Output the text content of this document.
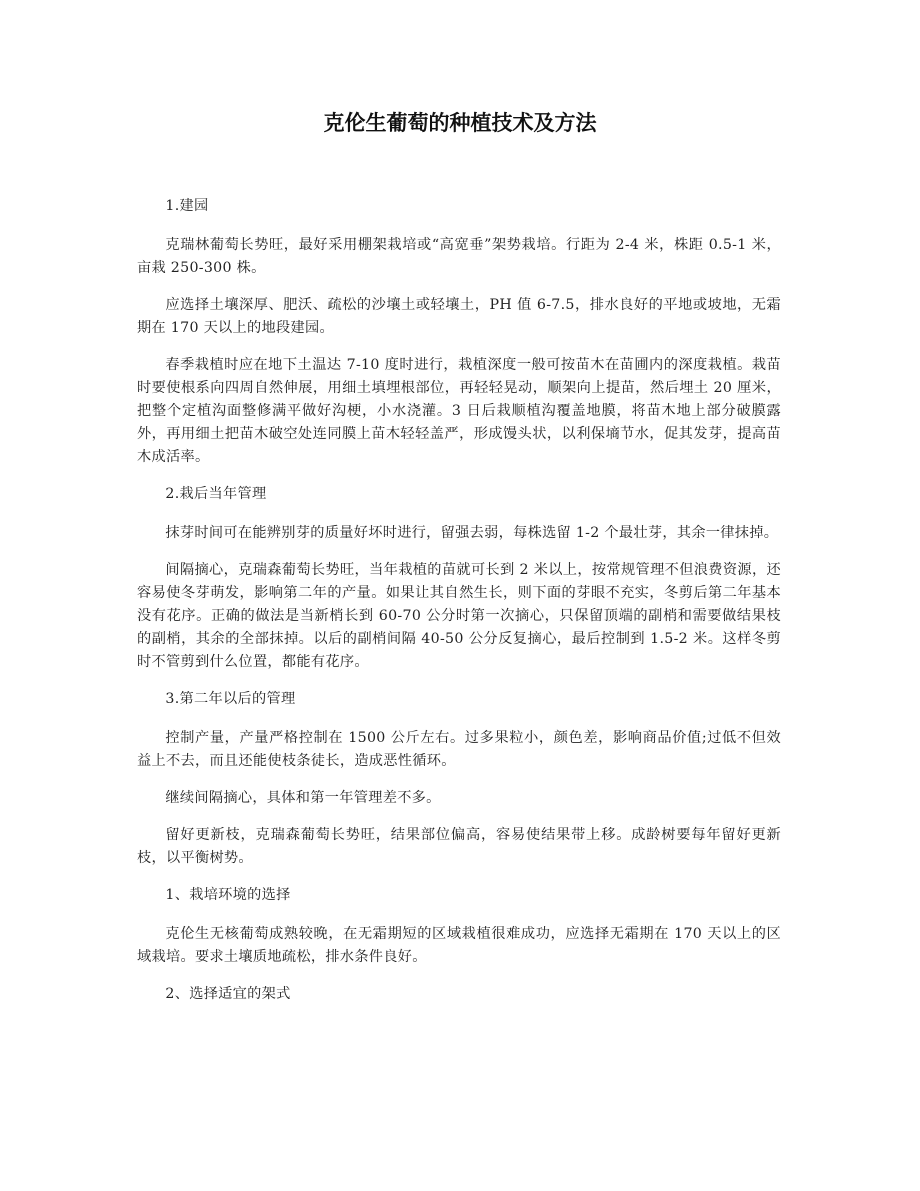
克伦生葡萄的种植技术及方法

1.建园

克瑞林葡萄长势旺，最好采用棚架栽培或“高宽垂”架势栽培。行距为 2-4 米，株距 0.5-1 米，亩栽 250-300 株。

应选择土壤深厚、肥沃、疏松的沙壤土或轻壤土，PH 值 6-7.5，排水良好的平地或坡地，无霜期在 170 天以上的地段建园。

春季栽植时应在地下土温达 7-10 度时进行，栽植深度一般可按苗木在苗圃内的深度栽植。栽苗时要使根系向四周自然伸展，用细土填埋根部位，再轻轻晃动，顺架向上提苗，然后埋土 20 厘米，把整个定植沟面整修满平做好沟梗，小水浇灌。3 日后栽顺植沟覆盖地膜，将苗木地上部分破膜露外，再用细土把苗木破空处连同膜上苗木轻轻盖严，形成馒头状，以利保墒节水，促其发芽，提高苗木成活率。

2.栽后当年管理

抹芽时间可在能辨别芽的质量好坏时进行，留强去弱，每株选留 1-2 个最壮芽，其余一律抹掉。

间隔摘心，克瑞森葡萄长势旺，当年栽植的苗就可长到 2 米以上，按常规管理不但浪费资源，还容易使冬芽萌发，影响第二年的产量。如果让其自然生长，则下面的芽眼不充实，冬剪后第二年基本没有花序。正确的做法是当新梢长到 60-70 公分时第一次摘心，只保留顶端的副梢和需要做结果枝的副梢，其余的全部抹掉。以后的副梢间隔 40-50 公分反复摘心，最后控制到 1.5-2 米。这样冬剪时不管剪到什么位置，都能有花序。

3.第二年以后的管理

控制产量，产量严格控制在 1500 公斤左右。过多果粒小，颜色差，影响商品价值;过低不但效益上不去，而且还能使枝条徒长，造成恶性循环。

继续间隔摘心，具体和第一年管理差不多。

留好更新枝，克瑞森葡萄长势旺，结果部位偏高，容易使结果带上移。成龄树要每年留好更新枝，以平衡树势。

1、栽培环境的选择

克伦生无核葡萄成熟较晚，在无霜期短的区域栽植很难成功，应选择无霜期在 170 天以上的区域栽培。要求土壤质地疏松，排水条件良好。

2、选择适宜的架式
